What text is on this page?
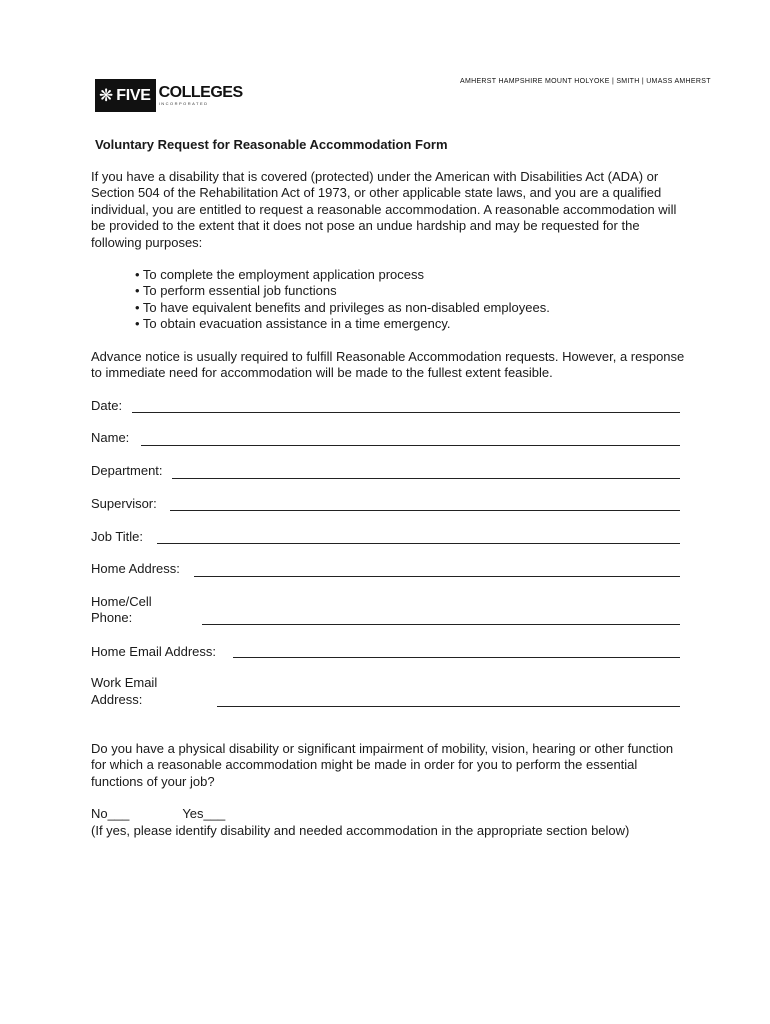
❋ FIVE COLLEGES
INCORPORATED
AMHERST HAMPSHIRE MOUNT HOLYOKE | SMITH | UMASS AMHERST
Voluntary Request for Reasonable Accommodation Form
If you have a disability that is covered (protected) under the American with Disabilities Act (ADA) or Section 504 of the Rehabilitation Act of 1973, or other applicable state laws, and you are a qualified individual, you are entitled to request a reasonable accommodation. A reasonable accommodation will be provided to the extent that it does not pose an undue hardship and may be requested for the following purposes:
• To complete the employment application process
• To perform essential job functions
• To have equivalent benefits and privileges as non-disabled employees.
• To obtain evacuation assistance in a time emergency.
Advance notice is usually required to fulfill Reasonable Accommodation requests. However, a response to immediate need for accommodation will be made to the fullest extent feasible.
Date:
Name:
Department:
Supervisor:
Job Title:
Home Address:
Home/Cell
Phone:
Home Email Address:
Work Email
Address:
Do you have a physical disability or significant impairment of mobility, vision, hearing or other function for which a reasonable accommodation might be made in order for you to perform the essential functions of your job?
No___	Yes___
(If yes, please identify disability and needed accommodation in the appropriate section below)
